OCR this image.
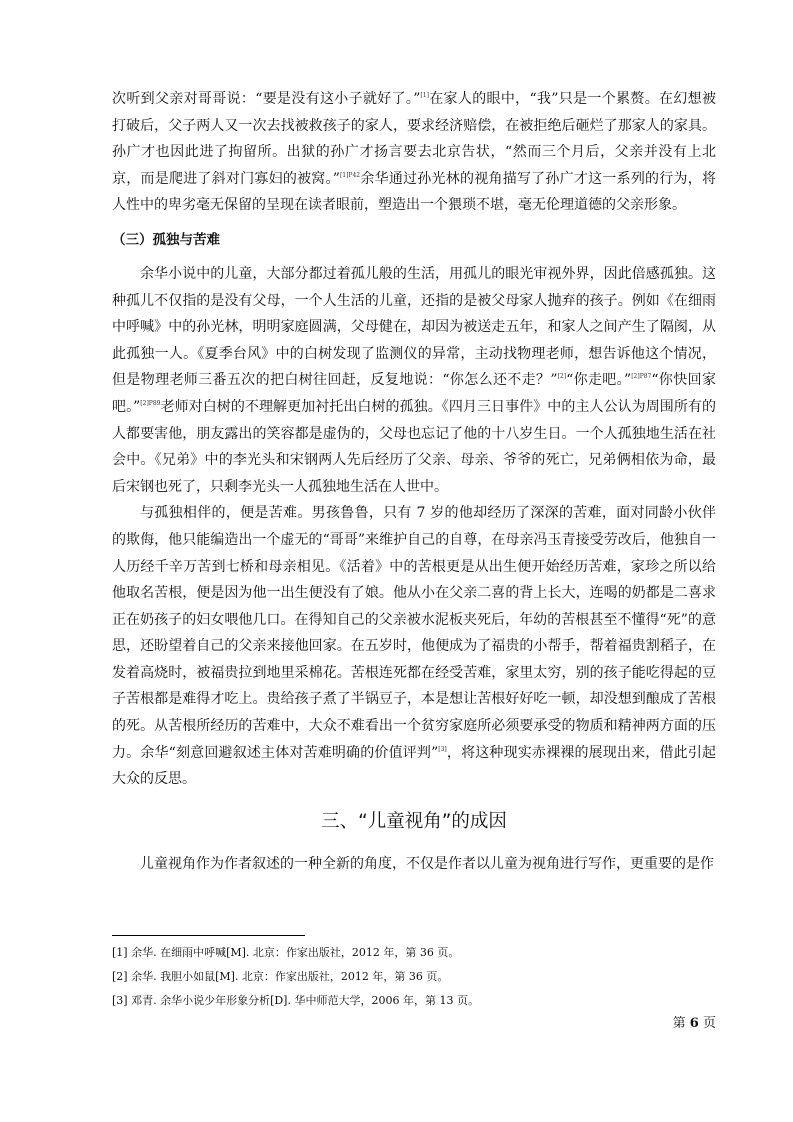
次听到父亲对哥哥说：“要是没有这小子就好了。”[1]在家人的眼中，“我”只是一个累赘。在幻想被打破后，父子两人又一次去找被救孩子的家人，要求经济赔偿，在被拒绝后砸烂了那家人的家具。孙广才也因此进了拘留所。出狱的孙广才扬言要去北京告状，“然而三个月后，父亲并没有上北京，而是爬进了斜对门寡妇的被窝。”$^{[1]P42}$余华通过孙光林的视角描写了孙广才这一系列的行为，将人性中的卑劣毫无保留的呈现在读者眼前，塑造出一个猥琐不堪，毫无伦理道德的父亲形象。

（三）孤独与苦难

余华小说中的儿童，大部分都过着孤儿般的生活，用孤儿的眼光审视外界，因此倍感孤独。这种孤儿不仅指的是没有父母，一个人生活的儿童，还指的是被父母家人抛弃的孩子。例如《在细雨中呼喊》中的孙光林，明明家庭圆满，父母健在，却因为被送走五年，和家人之间产生了隔阂，从此孤独一人。《夏季台风》中的白树发现了监测仪的异常，主动找物理老师，想告诉他这个情况，但是物理老师三番五次的把白树往回赶，反复地说：“你怎么还不走？”[2]“你走吧。”$^{[2]P87}$“你快回家吧。”$^{[2]P89}$老师对白树的不理解更加衬托出白树的孤独。《四月三日事件》中的主人公认为周围所有的人都要害他，朋友露出的笑容都是虚伪的，父母也忘记了他的十八岁生日。一个人孤独地生活在社会中。《兄弟》中的李光头和宋钢两人先后经历了父亲、母亲、爷爷的死亡，兄弟俩相依为命，最后宋钢也死了，只剩李光头一人孤独地生活在人世中。

与孤独相伴的，便是苦难。男孩鲁鲁，只有 7 岁的他却经历了深深的苦难，面对同龄小伙伴的欺侮，他只能编造出一个虚无的“哥哥”来维护自己的自尊，在母亲冯玉青接受劳改后，他独自一人历经千辛万苦到七桥和母亲相见。《活着》中的苦根更是从出生便开始经历苦难，家珍之所以给他取名苦根，便是因为他一出生便没有了娘。他从小在父亲二喜的背上长大，连喝的奶都是二喜求正在奶孩子的妇女喂他几口。在得知自己的父亲被水泥板夹死后，年幼的苦根甚至不懂得“死”的意思，还盼望着自己的父亲来接他回家。在五岁时，他便成为了福贵的小帮手，帮着福贵割稻子，在发着高烧时，被福贵拉到地里采棉花。苦根连死都在经受苦难，家里太穷，别的孩子能吃得起的豆子苦根都是难得才吃上。贵给孩子煮了半锅豆子，本是想让苦根好好吃一顿，却没想到酿成了苦根的死。从苦根所经历的苦难中，大众不难看出一个贫穷家庭所必须要承受的物质和精神两方面的压力。余华“刻意回避叙述主体对苦难明确的价值评判”[3]，将这种现实赤裸裸的展现出来，借此引起大众的反思。

三、“儿童视角”的成因

儿童视角作为作者叙述的一种全新的角度，不仅是作者以儿童为视角进行写作，更重要的是作

[1] 余华. 在细雨中呼喊[M]. 北京：作家出版社，2012 年，第 36 页。
[2] 余华. 我胆小如鼠[M]. 北京：作家出版社，2012 年，第 36 页。
[3] 邓青. 余华小说少年形象分析[D]. 华中师范大学，2006 年，第 13 页。
第 6 页
